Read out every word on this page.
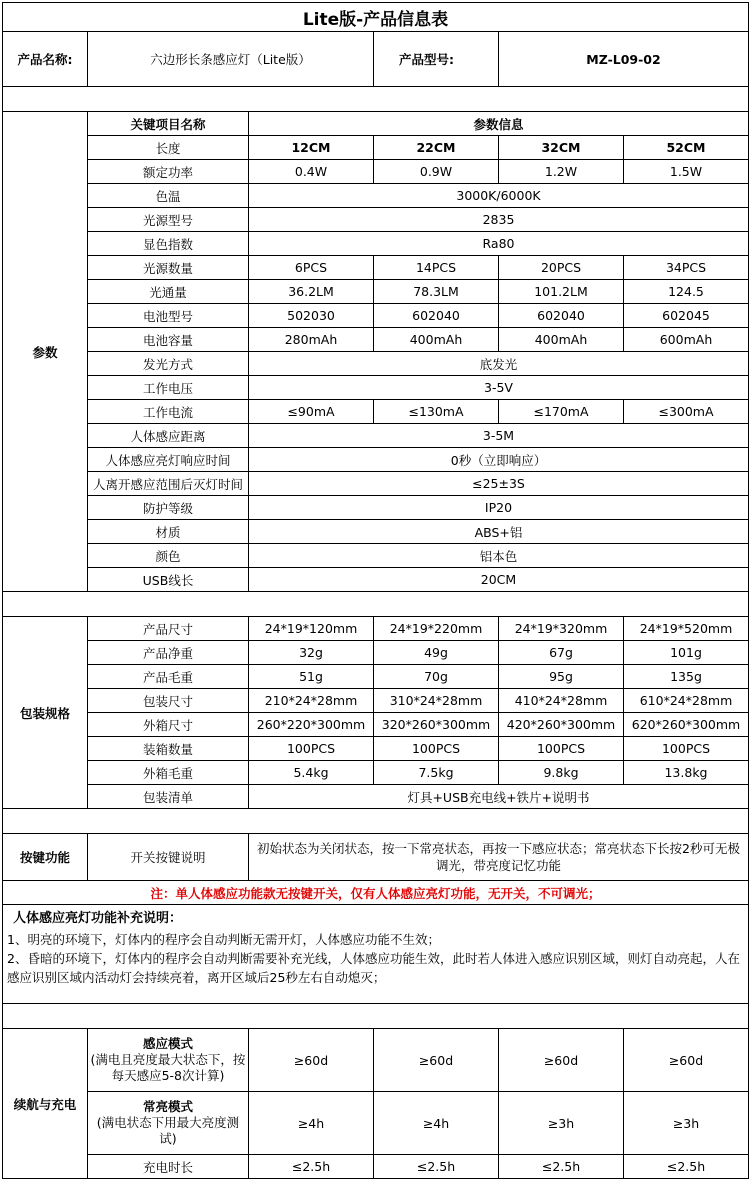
Lite版-产品信息表					
产品名称:	六边形长条感应灯（Lite版）		产品型号:	MZ-L09-02	

参数	关键项目名称	参数信息			
	长度	12CM	22CM	32CM	52CM
	额定功率	0.4W	0.9W	1.2W	1.5W
	色温	3000K/6000K			
	光源型号	2835			
	显色指数	Ra80			
	光源数量	6PCS	14PCS	20PCS	34PCS
	光通量	36.2LM	78.3LM	101.2LM	124.5
	电池型号	502030	602040	602040	602045
	电池容量	280mAh	400mAh	400mAh	600mAh
	发光方式	底发光			
	工作电压	3-5V			
	工作电流	≤90mA	≤130mA	≤170mA	≤300mA
	人体感应距离	3-5M			
	人体感应亮灯响应时间	0秒（立即响应）			
	人离开感应范围后灭灯时间	≤25±3S			
	防护等级	IP20			
	材质	ABS+铝			
	颜色	铝本色			
	USB线长	20CM			

包装规格	产品尺寸	24*19*120mm	24*19*220mm	24*19*320mm	24*19*520mm
	产品净重	32g	49g	67g	101g
	产品毛重	51g	70g	95g	135g
	包装尺寸	210*24*28mm	310*24*28mm	410*24*28mm	610*24*28mm
	外箱尺寸	260*220*300mm	320*260*300mm	420*260*300mm	620*260*300mm
	装箱数量	100PCS	100PCS	100PCS	100PCS
	外箱毛重	5.4kg	7.5kg	9.8kg	13.8kg
	包装清单	灯具+USB充电线+铁片+说明书			

按键功能	开关按键说明	初始状态为关闭状态，按一下常亮状态，再按一下感应状态；常亮状态下长按2秒可无极调光，带亮度记忆功能			
注：单人体感应功能款无按键开关，仅有人体感应亮灯功能，无开关，不可调光；					

人体感应亮灯功能补充说明：
1、明亮的环境下，灯体内的程序会自动判断无需开灯，人体感应功能不生效；
2、昏暗的环境下，灯体内的程序会自动判断需要补充光线，人体感应功能生效，此时若人体进入感应识别区域，则灯自动亮起，人在感应识别区域内活动灯会持续亮着，离开区域后25秒左右自动熄灭；					

续航与充电	感应模式
(满电且亮度最大状态下，按每天感应5-8次计算)	≥60d	≥60d	≥60d	≥60d

	常亮模式
(满电状态下用最大亮度测试)	≥4h	≥4h	≥3h	≥3h
	充电时长	≤2.5h	≤2.5h	≤2.5h	≤2.5h
